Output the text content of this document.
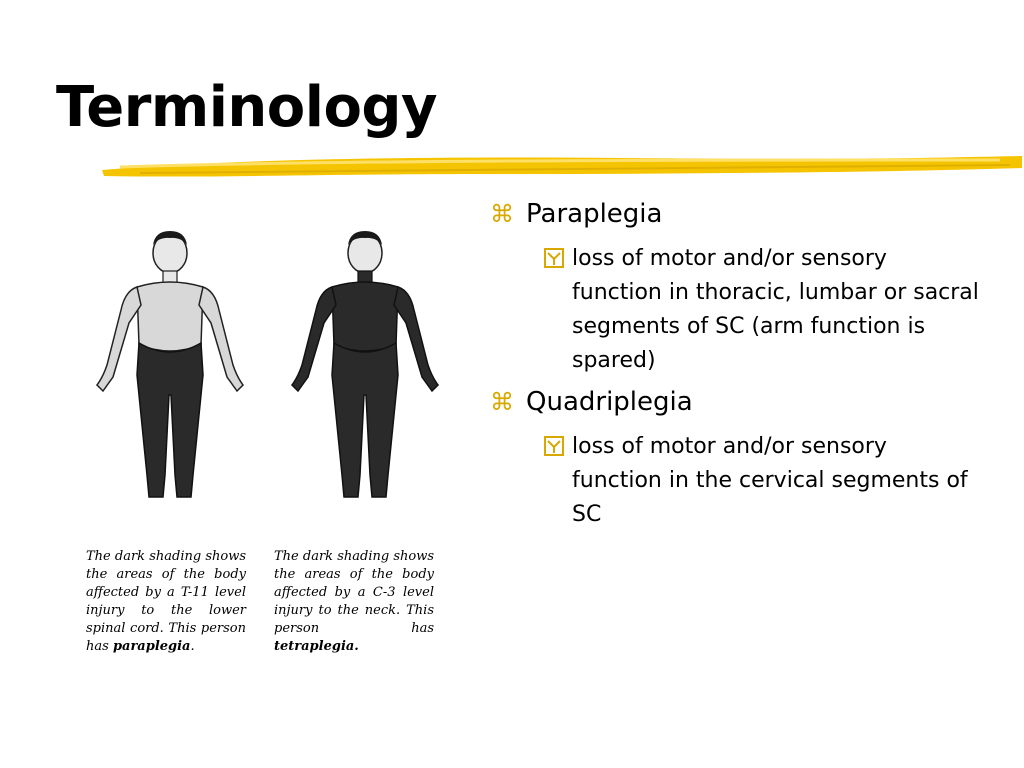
Terminology

The dark shading shows the areas of the body affected by a T-11 level injury to the lower spinal cord. This person has paraplegia.

The dark shading shows the areas of the body affected by a C-3 level injury to the neck. This person has tetraplegia.

⌘ Paraplegia
loss of motor and/or sensory function in thoracic, lumbar or sacral segments of SC (arm function is spared)
⌘ Quadriplegia
loss of motor and/or sensory function in the cervical segments of SC
